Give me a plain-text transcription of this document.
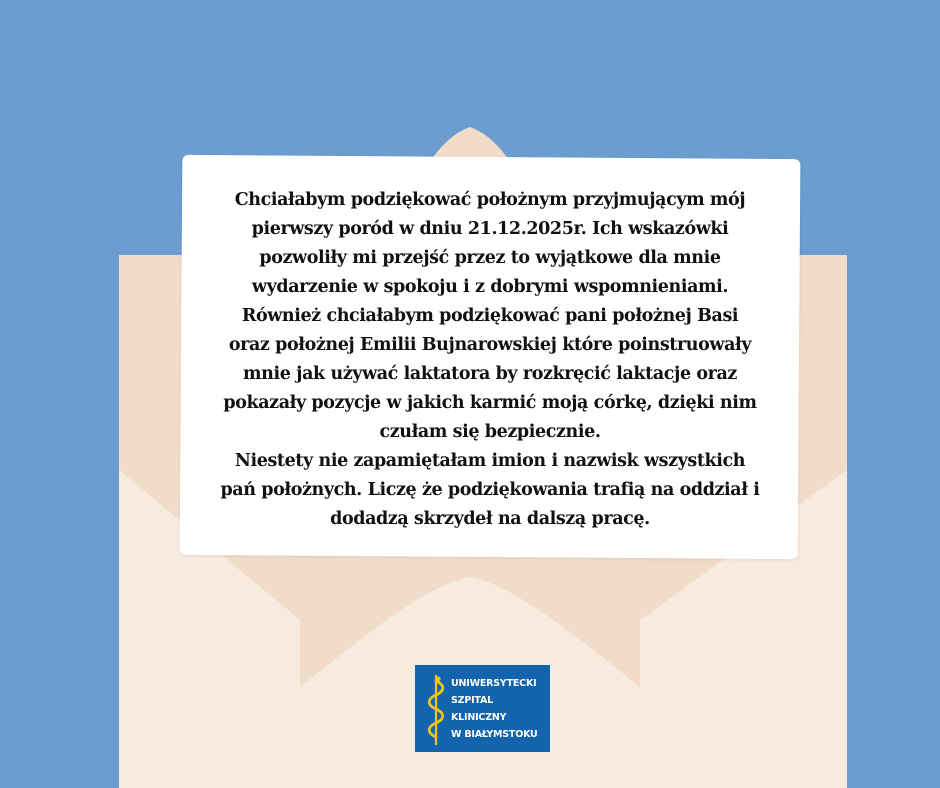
Chciałabym podziękować położnym przyjmującym mój
pierwszy poród w dniu 21.12.2025r. Ich wskazówki
pozwoliły mi przejść przez to wyjątkowe dla mnie
wydarzenie w spokoju i z dobrymi wspomnieniami.
Również chciałabym podziękować pani położnej Basi
oraz położnej Emilii Bujnarowskiej które poinstruowały
mnie jak używać laktatora by rozkręcić laktacje oraz
pokazały pozycje w jakich karmić moją córkę, dzięki nim
czułam się bezpiecznie.
Niestety nie zapamiętałam imion i nazwisk wszystkich
pań położnych. Liczę że podziękowania trafią na oddział i
dodadzą skrzydeł na dalszą pracę.

UNIWERSYTECKI
SZPITAL
KLINICZNY
W BIAŁYMSTOKU
